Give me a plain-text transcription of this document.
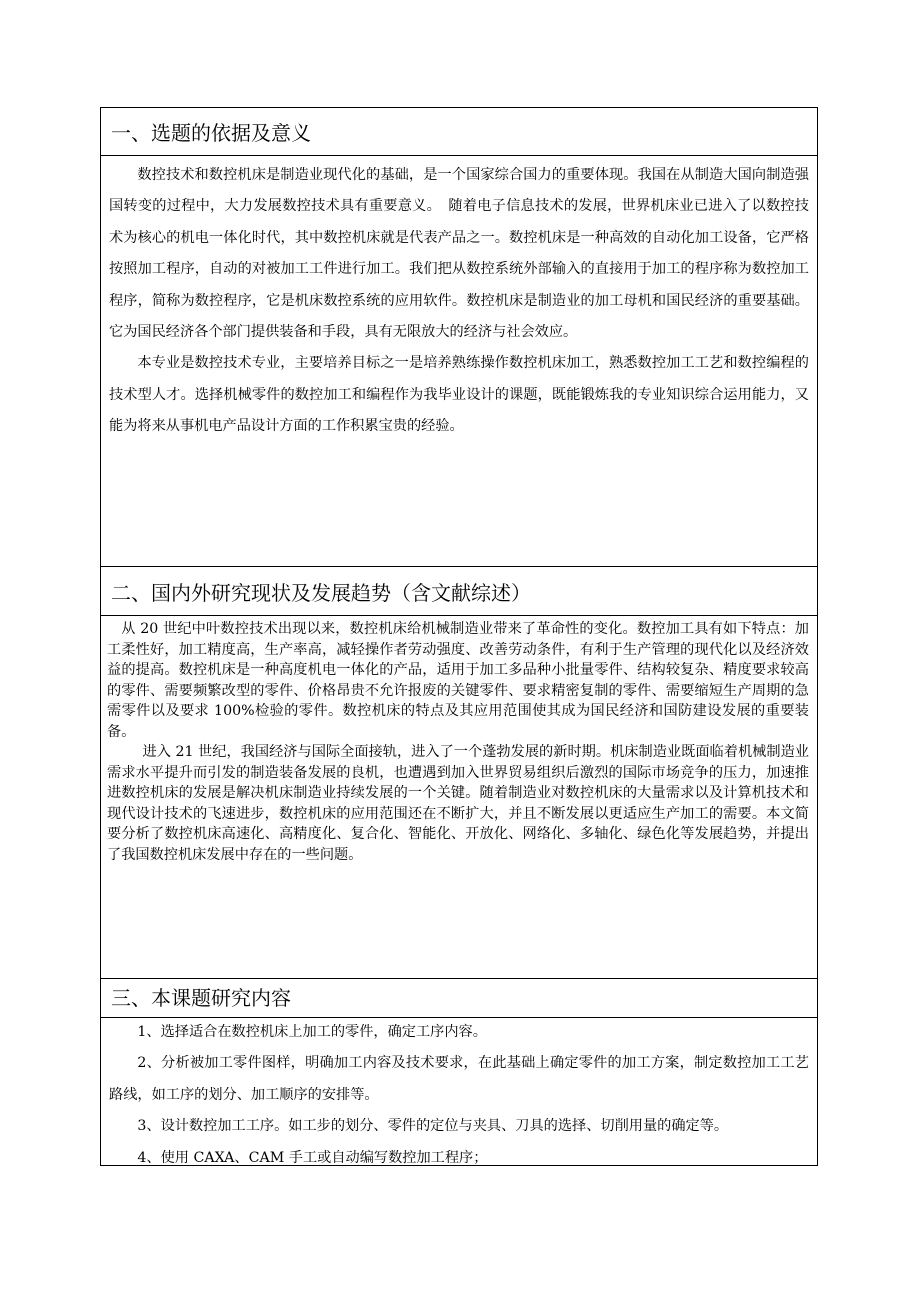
一、选题的依据及意义

数控技术和数控机床是制造业现代化的基础，是一个国家综合国力的重要体现。我国在从制造大国向制造强国转变的过程中，大力发展数控技术具有重要意义。　随着电子信息技术的发展，世界机床业已进入了以数控技术为核心的机电一体化时代，其中数控机床就是代表产品之一。数控机床是一种高效的自动化加工设备，它严格按照加工程序，自动的对被加工工件进行加工。我们把从数控系统外部输入的直接用于加工的程序称为数控加工程序，简称为数控程序，它是机床数控系统的应用软件。数控机床是制造业的加工母机和国民经济的重要基础。它为国民经济各个部门提供装备和手段，具有无限放大的经济与社会效应。

本专业是数控技术专业，主要培养目标之一是培养熟练操作数控机床加工，熟悉数控加工工艺和数控编程的技术型人才。选择机械零件的数控加工和编程作为我毕业设计的课题，既能锻炼我的专业知识综合运用能力，又能为将来从事机电产品设计方面的工作积累宝贵的经验。

二、国内外研究现状及发展趋势（含文献综述）

从 20 世纪中叶数控技术出现以来，数控机床给机械制造业带来了革命性的变化。数控加工具有如下特点：加工柔性好，加工精度高，生产率高，减轻操作者劳动强度、改善劳动条件，有利于生产管理的现代化以及经济效益的提高。数控机床是一种高度机电一体化的产品，适用于加工多品种小批量零件、结构较复杂、精度要求较高的零件、需要频繁改型的零件、价格昂贵不允许报废的关键零件、要求精密复制的零件、需要缩短生产周期的急需零件以及要求 100%检验的零件。数控机床的特点及其应用范围使其成为国民经济和国防建设发展的重要装备。

进入 21 世纪，我国经济与国际全面接轨，进入了一个蓬勃发展的新时期。机床制造业既面临着机械制造业需求水平提升而引发的制造装备发展的良机，也遭遇到加入世界贸易组织后激烈的国际市场竞争的压力，加速推进数控机床的发展是解决机床制造业持续发展的一个关键。随着制造业对数控机床的大量需求以及计算机技术和现代设计技术的飞速进步，数控机床的应用范围还在不断扩大，并且不断发展以更适应生产加工的需要。本文简要分析了数控机床高速化、高精度化、复合化、智能化、开放化、网络化、多轴化、绿色化等发展趋势，并提出了我国数控机床发展中存在的一些问题。

三、本课题研究内容

1、选择适合在数控机床上加工的零件，确定工序内容。

2、分析被加工零件图样，明确加工内容及技术要求，在此基础上确定零件的加工方案，制定数控加工工艺路线，如工序的划分、加工顺序的安排等。

3、设计数控加工工序。如工步的划分、零件的定位与夹具、刀具的选择、切削用量的确定等。

4、使用 CAXA、CAM 手工或自动编写数控加工程序；
